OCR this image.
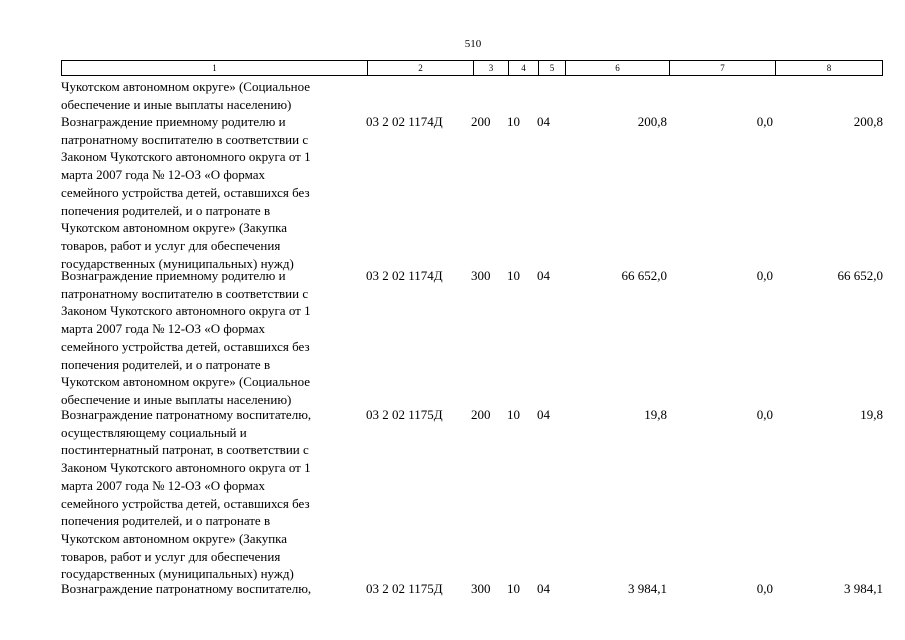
510
1	2	3	4	5	6	7	8
Чукотском автономном округе» (Социальное
обеспечение и иные выплаты населению)
Вознаграждение приемному родителю и
патронатному воспитателю в соответствии с
Законом Чукотского автономного округа от 1
марта 2007 года № 12-ОЗ «О формах
семейного устройства детей, оставшихся без
попечения родителей, и о патронате в
Чукотском автономном округе» (Закупка
товаров, работ и услуг для обеспечения
государственных (муниципальных) нужд)
03 2 02 1174Д 200 10 04	200,8	0,0	200,8
Вознаграждение приемному родителю и
патронатному воспитателю в соответствии с
Законом Чукотского автономного округа от 1
марта 2007 года № 12-ОЗ «О формах
семейного устройства детей, оставшихся без
попечения родителей, и о патронате в
Чукотском автономном округе» (Социальное
обеспечение и иные выплаты населению)
03 2 02 1174Д 300 10 04	66 652,0	0,0	66 652,0
Вознаграждение патронатному воспитателю,
осуществляющему социальный и
постинтернатный патронат, в соответствии с
Законом Чукотского автономного округа от 1
марта 2007 года № 12-ОЗ «О формах
семейного устройства детей, оставшихся без
попечения родителей, и о патронате в
Чукотском автономном округе» (Закупка
товаров, работ и услуг для обеспечения
государственных (муниципальных) нужд)
03 2 02 1175Д 200 10 04	19,8	0,0	19,8
Вознаграждение патронатному воспитателю,	03 2 02 1175Д 300 10 04	3 984,1	0,0	3 984,1
